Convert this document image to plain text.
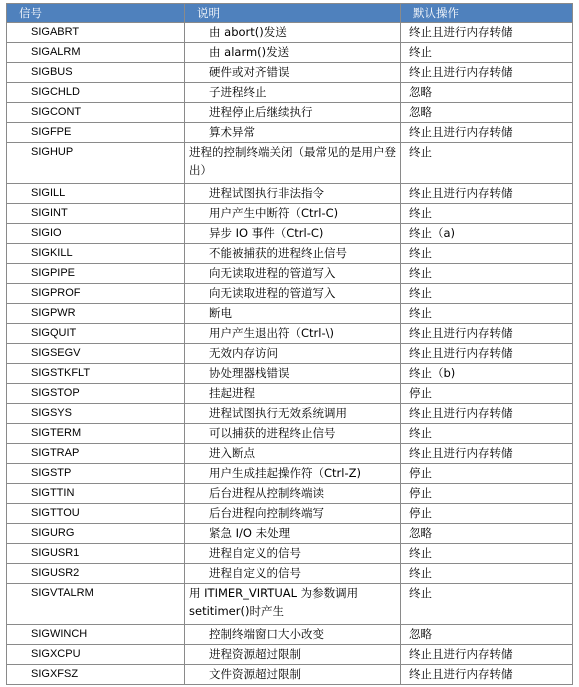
信号	说明	默认操作
SIGABRT	由 abort()发送	终止且进行内存转储
SIGALRM	由 alarm()发送	终止
SIGBUS	硬件或对齐错误	终止且进行内存转储
SIGCHLD	子进程终止	忽略
SIGCONT	进程停止后继续执行	忽略
SIGFPE	算术异常	终止且进行内存转储
SIGHUP	进程的控制终端关闭（最常见的是用户登出）	终止
SIGILL	进程试图执行非法指令	终止且进行内存转储
SIGINT	用户产生中断符（Ctrl-C)	终止
SIGIO	异步 IO 事件（Ctrl-C)	终止（a)
SIGKILL	不能被捕获的进程终止信号	终止
SIGPIPE	向无读取进程的管道写入	终止
SIGPROF	向无读取进程的管道写入	终止
SIGPWR	断电	终止
SIGQUIT	用户产生退出符（Ctrl-\)	终止且进行内存转储
SIGSEGV	无效内存访问	终止且进行内存转储
SIGSTKFLT	协处理器栈错误	终止（b)
SIGSTOP	挂起进程	停止
SIGSYS	进程试图执行无效系统调用	终止且进行内存转储
SIGTERM	可以捕获的进程终止信号	终止
SIGTRAP	进入断点	终止且进行内存转储
SIGSTP	用户生成挂起操作符（Ctrl-Z)	停止
SIGTTIN	后台进程从控制终端读	停止
SIGTTOU	后台进程向控制终端写	停止
SIGURG	紧急 I/O 未处理	忽略
SIGUSR1	进程自定义的信号	终止
SIGUSR2	进程自定义的信号	终止
SIGVTALRM	用 ITIMER_VIRTUAL 为参数调用 setitimer()时产生	终止
SIGWINCH	控制终端窗口大小改变	忽略
SIGXCPU	进程资源超过限制	终止且进行内存转储
SIGXFSZ	文件资源超过限制	终止且进行内存转储
